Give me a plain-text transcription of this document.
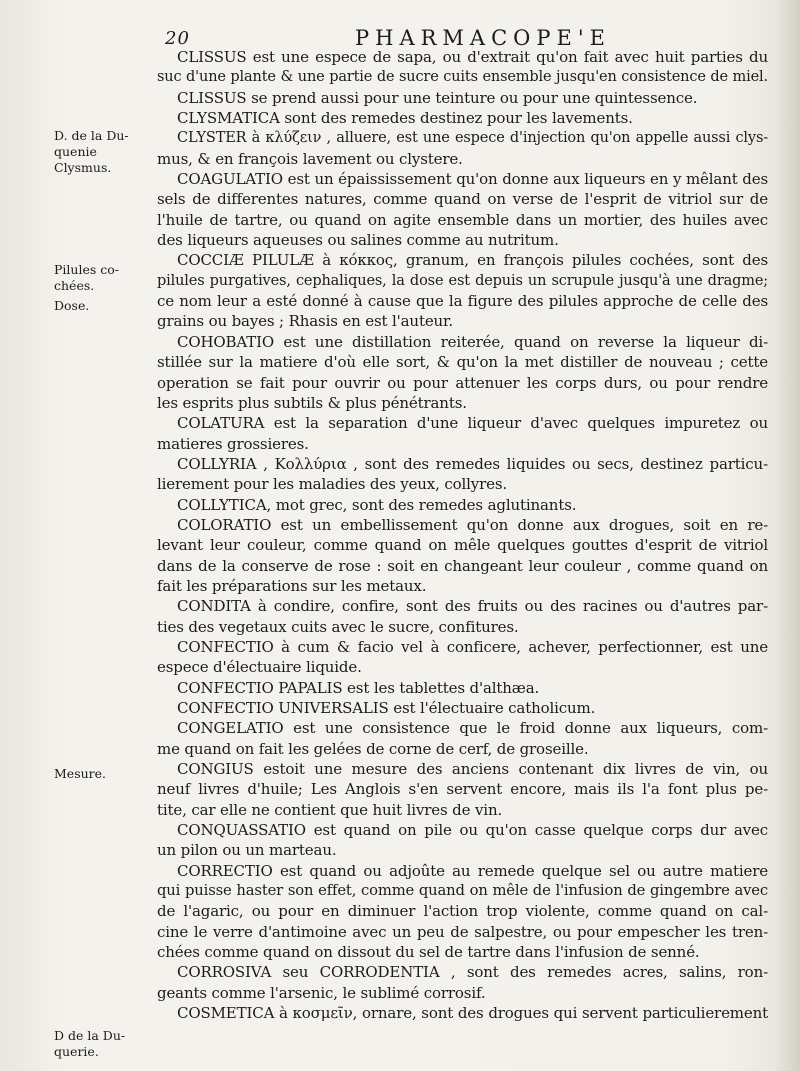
20	PHARMACOPE'E
D. de la Du-
quenie
Clysmus.
Pilules co-
chées.
Dose.
Mesure.
D de la Du-
querie.
CLISSUS est une espece de sapa, ou d'extrait qu'on fait avec huit parties du
suc d'une plante & une partie de sucre cuits ensemble jusqu'en consistence de miel.
CLISSUS se prend aussi pour une teinture ou pour une quintessence.
CLYSMATICA sont des remedes destinez pour les lavements.
CLYSTER à κλύζειν , alluere, est une espece d'injection qu'on appelle aussi clys-
mus, & en françois lavement ou clystere.
COAGULATIO est un épaississement qu'on donne aux liqueurs en y mêlant des
sels de differentes natures, comme quand on verse de l'esprit de vitriol sur de
l'huile de tartre, ou quand on agite ensemble dans un mortier, des huiles avec
des liqueurs aqueuses ou salines comme au nutritum.
COCCIÆ PILULÆ à κόκκος, granum, en françois pilules cochées, sont des
pilules purgatives, cephaliques, la dose est depuis un scrupule jusqu'à une dragme;
ce nom leur a esté donné à cause que la figure des pilules approche de celle des
grains ou bayes ; Rhasis en est l'auteur.
COHOBATIO est une distillation reiterée, quand on reverse la liqueur di-
stillée sur la matiere d'où elle sort, & qu'on la met distiller de nouveau ; cette
operation se fait pour ouvrir ou pour attenuer les corps durs, ou pour rendre
les esprits plus subtils & plus pénétrants.
COLATURA est la separation d'une liqueur d'avec quelques impuretez ou
matieres grossieres.
COLLYRIA , Κολλύρια , sont des remedes liquides ou secs, destinez particu-
lierement pour les maladies des yeux, collyres.
COLLYTICA, mot grec, sont des remedes aglutinants.
COLORATIO est un embellissement qu'on donne aux drogues, soit en re-
levant leur couleur, comme quand on mêle quelques gouttes d'esprit de vitriol
dans de la conserve de rose : soit en changeant leur couleur , comme quand on
fait les préparations sur les metaux.
CONDITA à condire, confire, sont des fruits ou des racines ou d'autres par-
ties des vegetaux cuits avec le sucre, confitures.
CONFECTIO à cum & facio vel à conficere, achever, perfectionner, est une
espece d'électuaire liquide.
CONFECTIO PAPALIS est les tablettes d'althæa.
CONFECTIO UNIVERSALIS est l'électuaire catholicum.
CONGELATIO est une consistence que le froid donne aux liqueurs, com-
me quand on fait les gelées de corne de cerf, de groseille.
CONGIUS estoit une mesure des anciens contenant dix livres de vin, ou
neuf livres d'huile; Les Anglois s'en servent encore, mais ils l'a font plus pe-
tite, car elle ne contient que huit livres de vin.
CONQUASSATIO est quand on pile ou qu'on casse quelque corps dur avec
un pilon ou un marteau.
CORRECTIO est quand ou adjoûte au remede quelque sel ou autre matiere
qui puisse haster son effet, comme quand on mêle de l'infusion de gingembre avec
de l'agaric, ou pour en diminuer l'action trop violente, comme quand on cal-
cine le verre d'antimoine avec un peu de salpestre, ou pour empescher les tren-
chées comme quand on dissout du sel de tartre dans l'infusion de senné.
CORROSIVA seu CORRODENTIA , sont des remedes acres, salins, ron-
geants comme l'arsenic, le sublimé corrosif.
COSMETICA à κοσμεῖν, ornare, sont des drogues qui servent particulierement
